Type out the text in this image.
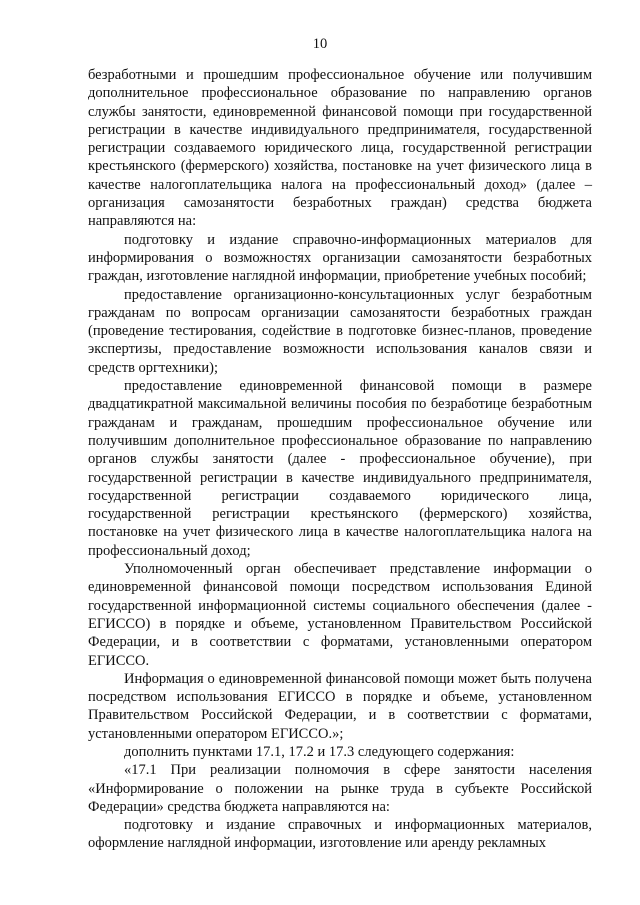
10

безработными и прошедшим профессиональное обучение или получившим дополнительное профессиональное образование по направлению органов службы занятости, единовременной финансовой помощи при государственной регистрации в качестве индивидуального предпринимателя, государственной регистрации создаваемого юридического лица, государственной регистрации крестьянского (фермерского) хозяйства, постановке на учет физического лица в качестве налогоплательщика налога на профессиональный доход» (далее – организация самозанятости безработных граждан) средства бюджета направляются на:

подготовку и издание справочно-информационных материалов для информирования о возможностях организации самозанятости безработных граждан, изготовление наглядной информации, приобретение учебных пособий;

предоставление организационно-консультационных услуг безработным гражданам по вопросам организации самозанятости безработных граждан (проведение тестирования, содействие в подготовке бизнес-планов, проведение экспертизы, предоставление возможности использования каналов связи и средств оргтехники);

предоставление единовременной финансовой помощи в размере двадцатикратной максимальной величины пособия по безработице безработным гражданам и гражданам, прошедшим профессиональное обучение или получившим дополнительное профессиональное образование по направлению органов службы занятости (далее - профессиональное обучение), при государственной регистрации в качестве индивидуального предпринимателя, государственной регистрации создаваемого юридического лица, государственной регистрации крестьянского (фермерского) хозяйства, постановке на учет физического лица в качестве налогоплательщика налога на профессиональный доход;

Уполномоченный орган обеспечивает представление информации о единовременной финансовой помощи посредством использования Единой государственной информационной системы социального обеспечения (далее - ЕГИССО) в порядке и объеме, установленном Правительством Российской Федерации, и в соответствии с форматами, установленными оператором ЕГИССО.

Информация о единовременной финансовой помощи может быть получена посредством использования ЕГИССО в порядке и объеме, установленном Правительством Российской Федерации, и в соответствии с форматами, установленными оператором ЕГИССО.»;

дополнить пунктами 17.1, 17.2 и 17.3 следующего содержания:

«17.1 При реализации полномочия в сфере занятости населения «Информирование о положении на рынке труда в субъекте Российской Федерации» средства бюджета направляются на:

подготовку и издание справочных и информационных материалов, оформление наглядной информации, изготовление или аренду рекламных
